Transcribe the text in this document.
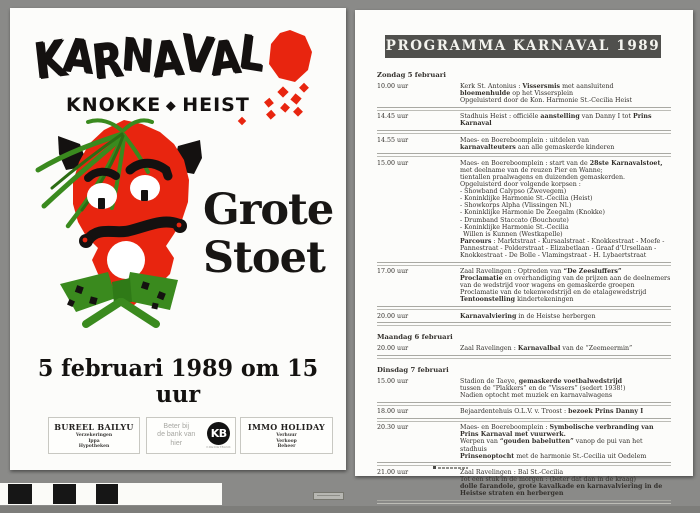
KARNAVAL
KNOKKE HEIST
Grote
Stoet
5 februari 1989 om 15 uur
BUREEL BAILYU
Verzekeringen
Ippa
Hypotheken
Beter bij
de bank van hier
KB
KREDIETBANK
IMMO HOLIDAY
Verhuur
Verkoop
Beheer
PROGRAMMA KARNAVAL 1989
Zondag 5 februari
10.00 uur	Kerk St. Antonius : Vissersmis met aansluitend
bloemenhulde op het Vissersplein
Opgeluisterd door de Kon. Harmonie St.-Cecilia Heist
14.45 uur	Stadhuis Heist : officiële aanstelling van Danny I tot Prins Karnaval
14.55 uur	Maes- en Boereboomplein : uitdelen van
karnavalteuters aan alle gemaskerde kinderen
15.00 uur	Maes- en Boereboomplein : start van de 28ste Karnavalstoet,
met deelname van de reuzen Pier en Wanne;
tientallen praalwagens en duizenden gemaskerden.
Opgeluisterd door volgende korpsen :
- Showband Calypso (Zwevegem)
- Koninklijke Harmonie St.-Cecilia (Heist)
- Showkorps Alpha (Vlissingen Nl.)
- Koninklijke Harmonie De Zeegalm (Knokke)
- Drumband Staccato (Bouchoute)
- Koninklijke Harmonie St.-Cecilia
 Willen is Kunnen (Westkapelle)
Parcours : Marktstraat - Kursaalstraat - Knokkestraat - Moefe -
Pannestraat - Polderstraat - Elizabetlaan - Graaf d'Ursellaan -
Knokkestraat - De Bolle - Vlamingstraat - H. Lybaertstraat
17.00 uur	Zaal Ravelingen : Optreden van “De Zeesluffers”
Proclamatie en overhandiging van de prijzen aan de deelnemers
van de wedstrijd voor wagens en gemaskerde groepen
Proclamatie van de tekenwedstrijd en de etalagewedstrijd
Tentoonstelling kindertekeningen
20.00 uur	Karnavalviering in de Heistse herbergen
Maandag 6 februari
20.00 uur	Zaal Ravelingen : Karnavalbal van de “Zeemeermin”
Dinsdag 7 februari
15.00 uur	Stadion de Taeye, gemaskerde voetbalwedstrijd
tussen de “Plakkers” en de “Vissers” (sedert 1938!)
Nadien optocht met muziek en karnavalwagens
18.00 uur	Bejaardentehuis O.L.V. v. Troost : bezoek Prins Danny I
20.30 uur	Maes- en Boereboomplein : Symbolische verbranding van
Prins Karnaval met vuurwerk.
Werpen van “gouden babelutten” vanop de pui van het stadhuis
Prinsenoptocht met de harmonie St.-Cecilia uit Oedelem
21.00 uur	Zaal Ravelingen : Bal St.-Cecilia
Tot een stuk in de morgen : (beter dat dan in de kraag)
dolle farandole, grote kavalkade en karnavalviering in de
Heistse straten en herbergen
